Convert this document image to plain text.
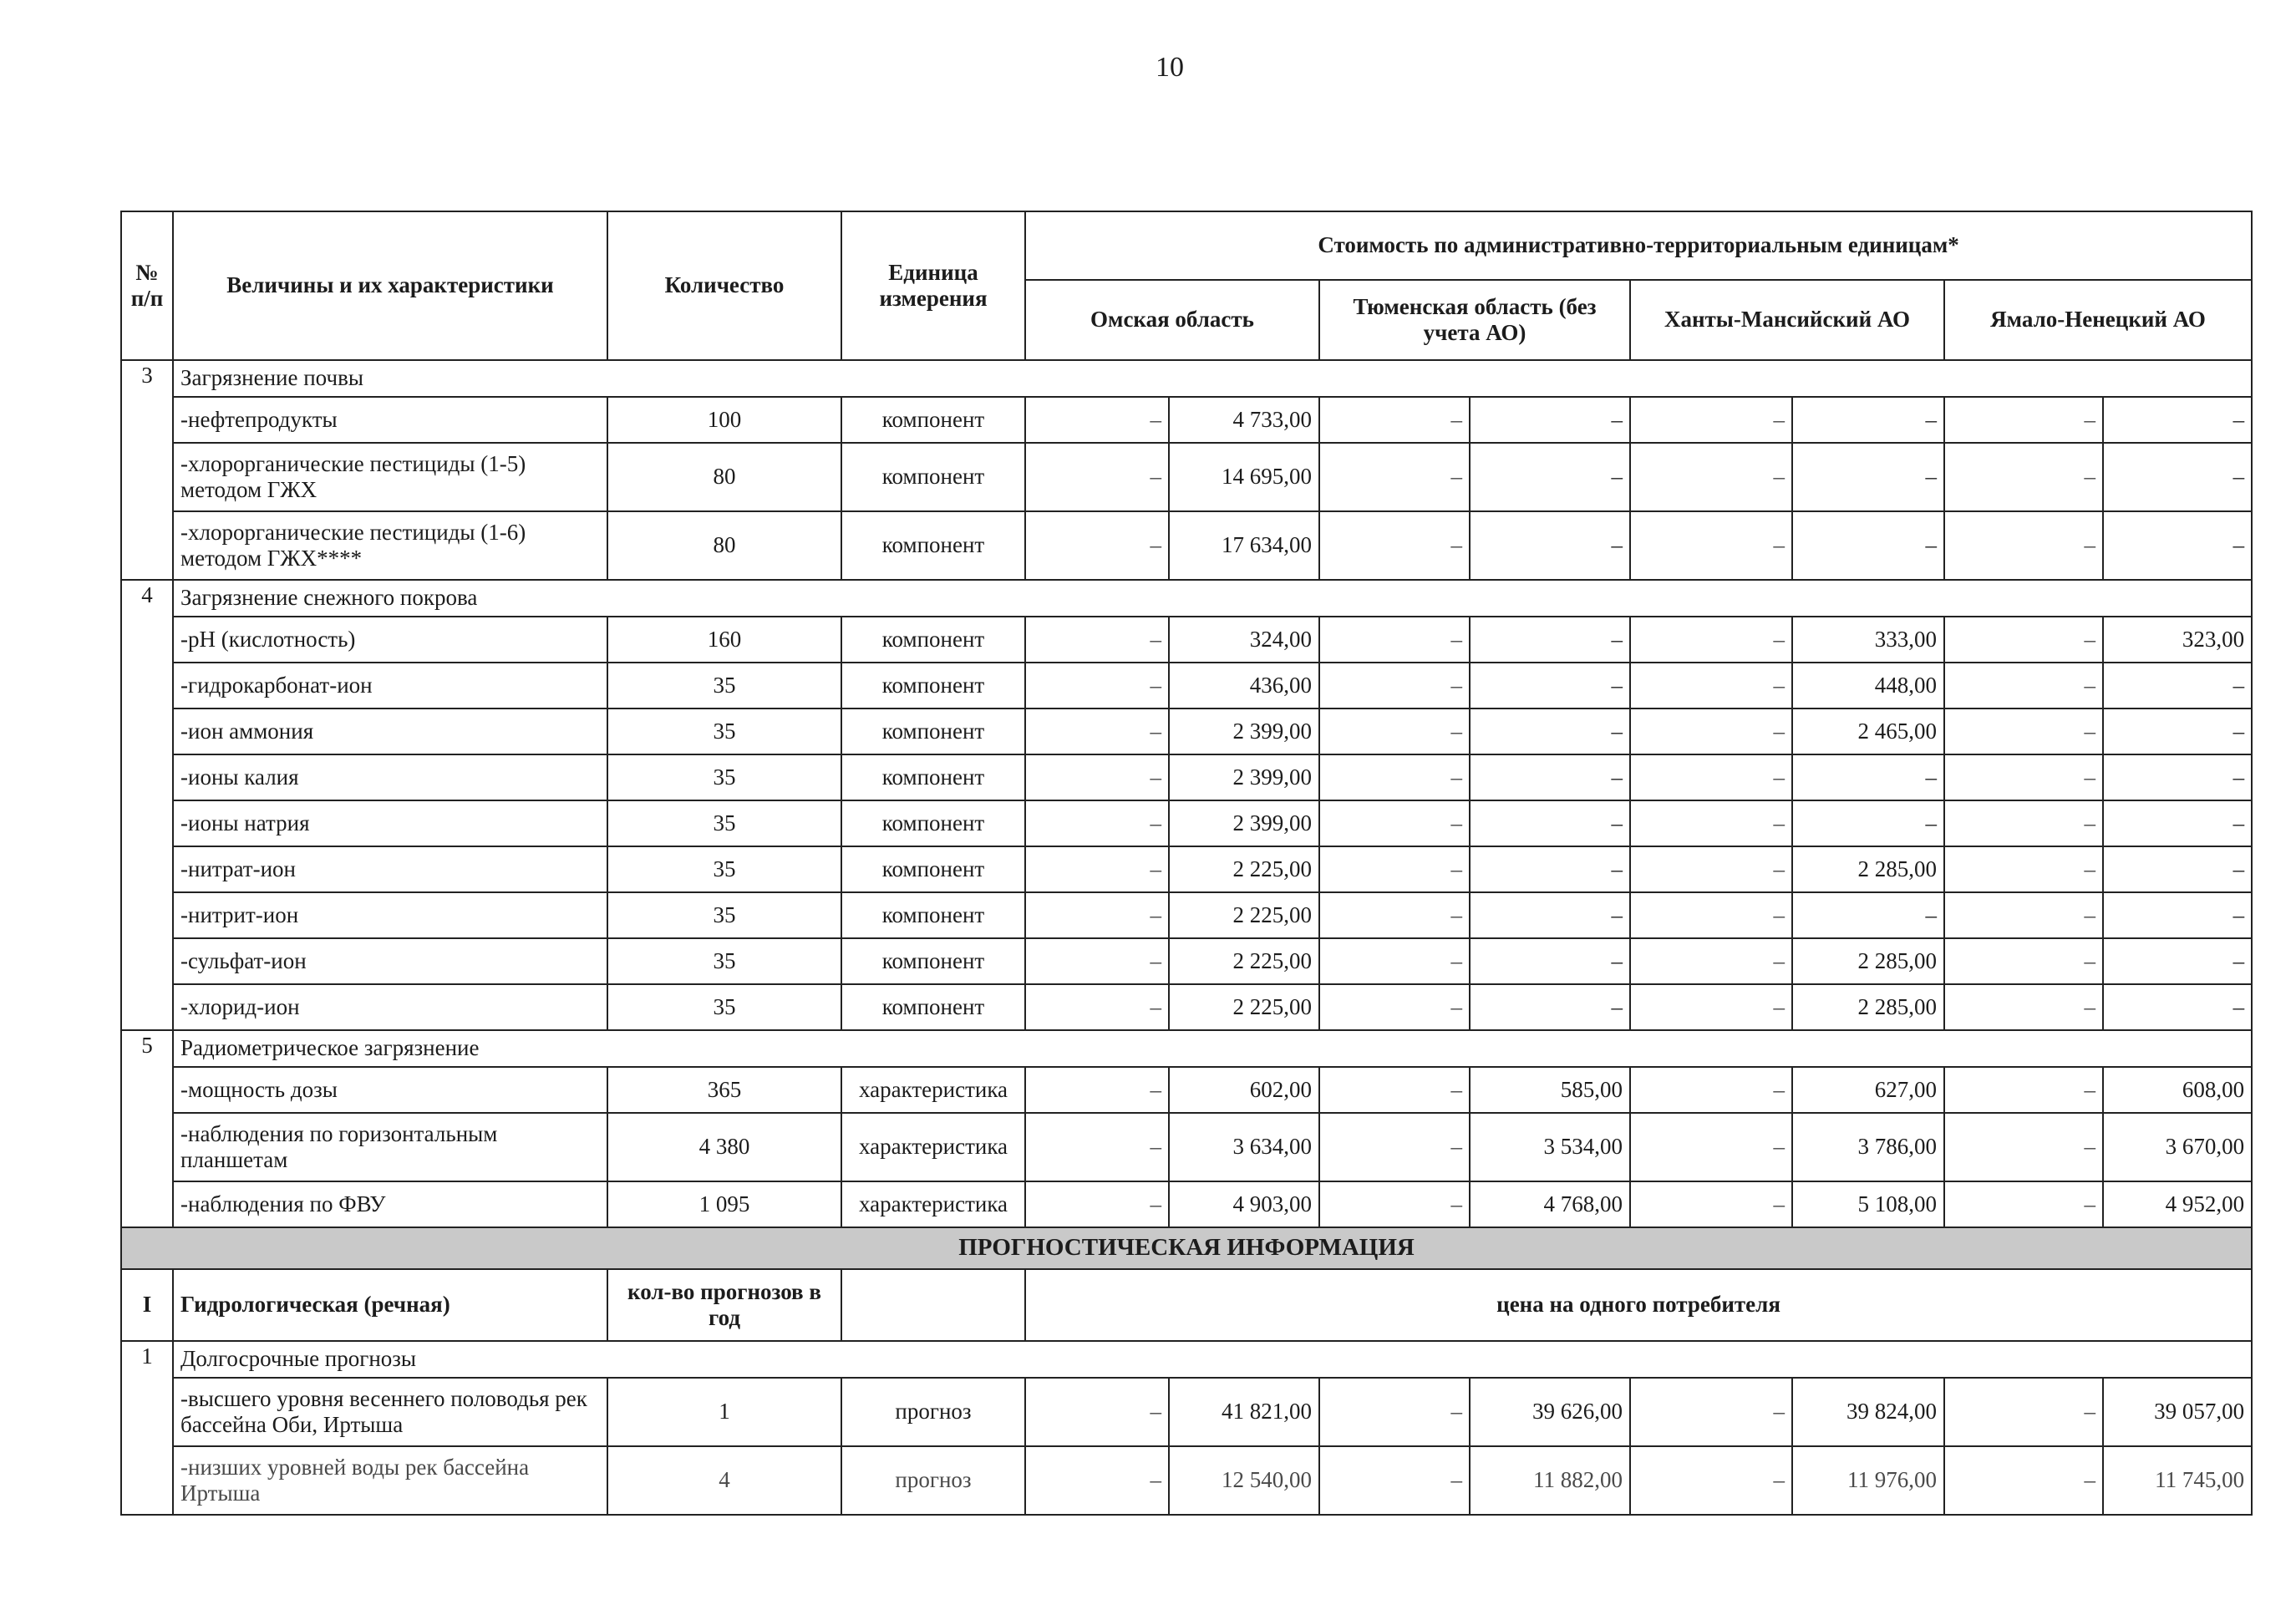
10
№ п/п	Величины и их характеристики	Количество	Единица измерения	Стоимость по административно-территориальным единицам*							
				Омская область		Тюменская область (без учета АО)		Ханты-Мансийский АО		Ямало-Ненецкий АО	
3	Загрязнение почвы										
	-нефтепродукты	100	компонент	–	4 733,00	–	–	–	–	–	–
	-хлорорганические пестициды (1-5) методом ГЖХ	80	компонент	–	14 695,00	–	–	–	–	–	–
	-хлорорганические пестициды (1-6) методом ГЖХ****	80	компонент	–	17 634,00	–	–	–	–	–	–
4	Загрязнение снежного покрова										
	-pH (кислотность)	160	компонент	–	324,00	–	–	–	333,00	–	323,00
	-гидрокарбонат-ион	35	компонент	–	436,00	–	–	–	448,00	–	–
	-ион аммония	35	компонент	–	2 399,00	–	–	–	2 465,00	–	–
	-ионы калия	35	компонент	–	2 399,00	–	–	–	–	–	–
	-ионы натрия	35	компонент	–	2 399,00	–	–	–	–	–	–
	-нитрат-ион	35	компонент	–	2 225,00	–	–	–	2 285,00	–	–
	-нитрит-ион	35	компонент	–	2 225,00	–	–	–	–	–	–
	-сульфат-ион	35	компонент	–	2 225,00	–	–	–	2 285,00	–	–
	-хлорид-ион	35	компонент	–	2 225,00	–	–	–	2 285,00	–	–
5	Радиометрическое загрязнение										
	-мощность дозы	365	характеристика	–	602,00	–	585,00	–	627,00	–	608,00
	-наблюдения по горизонтальным планшетам	4 380	характеристика	–	3 634,00	–	3 534,00	–	3 786,00	–	3 670,00
	-наблюдения по ФВУ	1 095	характеристика	–	4 903,00	–	4 768,00	–	5 108,00	–	4 952,00
ПРОГНОСТИЧЕСКАЯ ИНФОРМАЦИЯ											
I	Гидрологическая (речная)	кол-во прогнозов в год		цена на одного потребителя							
1	Долгосрочные прогнозы										
	-высшего уровня весеннего половодья рек бассейна Оби, Иртыша	1	прогноз	–	41 821,00	–	39 626,00	–	39 824,00	–	39 057,00
	-низших уровней воды рек бассейна Иртыша	4	прогноз	–	12 540,00	–	11 882,00	–	11 976,00	–	11 745,00
